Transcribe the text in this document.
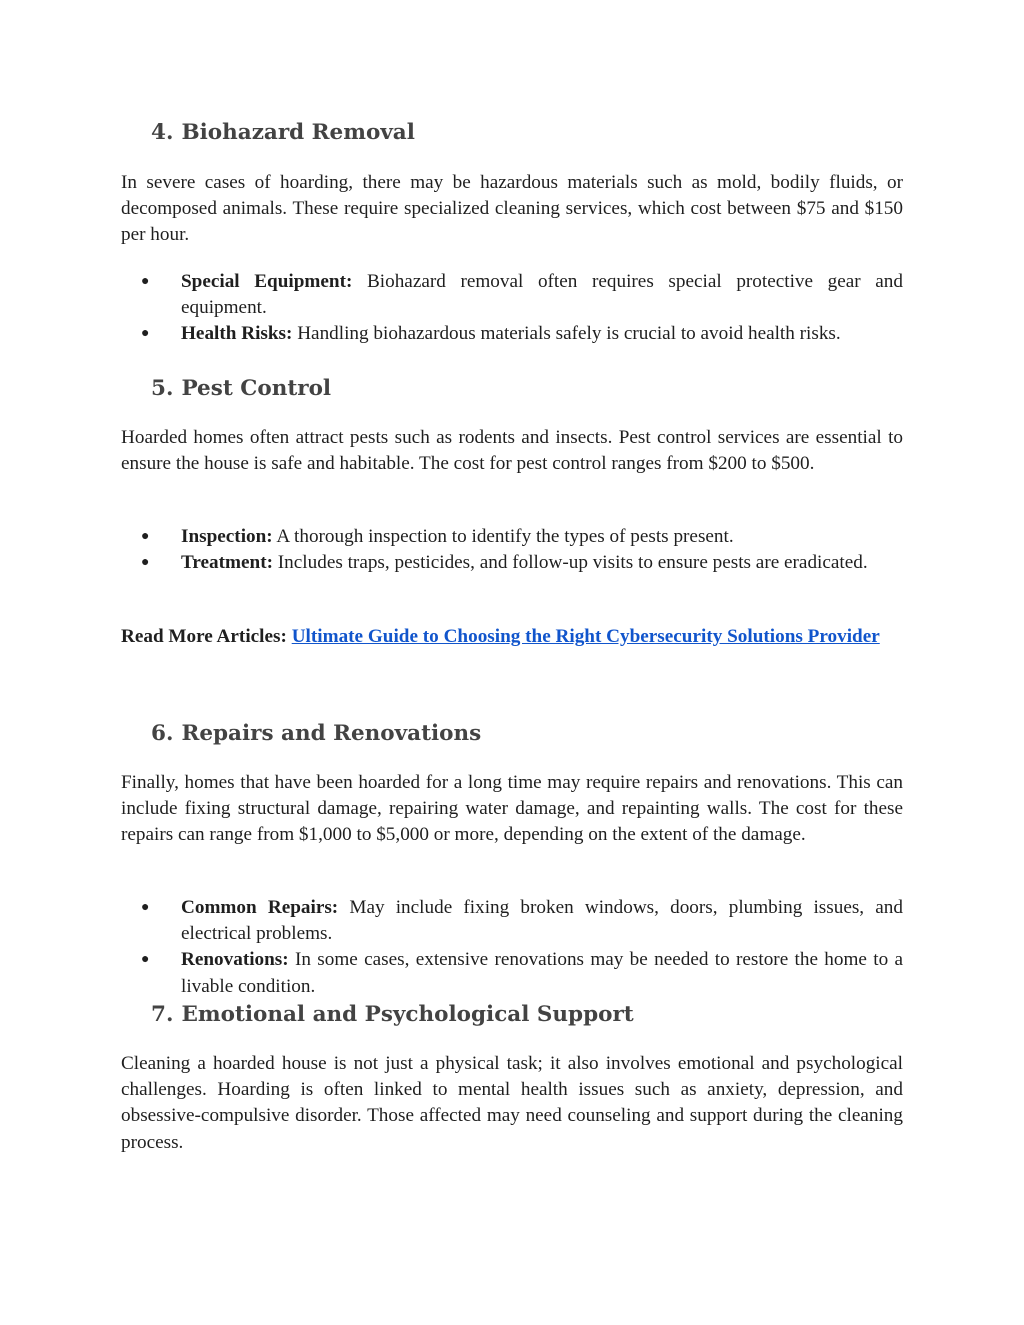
4. Biohazard Removal

In severe cases of hoarding, there may be hazardous materials such as mold, bodily fluids, or decomposed animals. These require specialized cleaning services, which cost between $75 and $150 per hour.

● Special Equipment: Biohazard removal often requires special protective gear and equipment.
● Health Risks: Handling biohazardous materials safely is crucial to avoid health risks.
5. Pest Control

Hoarded homes often attract pests such as rodents and insects. Pest control services are essential to ensure the house is safe and habitable. The cost for pest control ranges from $200 to $500.

● Inspection: A thorough inspection to identify the types of pests present.
● Treatment: Includes traps, pesticides, and follow-up visits to ensure pests are eradicated.

Read More Articles: Ultimate Guide to Choosing the Right Cybersecurity Solutions Provider

6. Repairs and Renovations

Finally, homes that have been hoarded for a long time may require repairs and renovations. This can include fixing structural damage, repairing water damage, and repainting walls. The cost for these repairs can range from $1,000 to $5,000 or more, depending on the extent of the damage.

● Common Repairs: May include fixing broken windows, doors, plumbing issues, and electrical problems.
● Renovations: In some cases, extensive renovations may be needed to restore the home to a livable condition.
7. Emotional and Psychological Support

Cleaning a hoarded house is not just a physical task; it also involves emotional and psychological challenges. Hoarding is often linked to mental health issues such as anxiety, depression, and obsessive-compulsive disorder. Those affected may need counseling and support during the cleaning process.
